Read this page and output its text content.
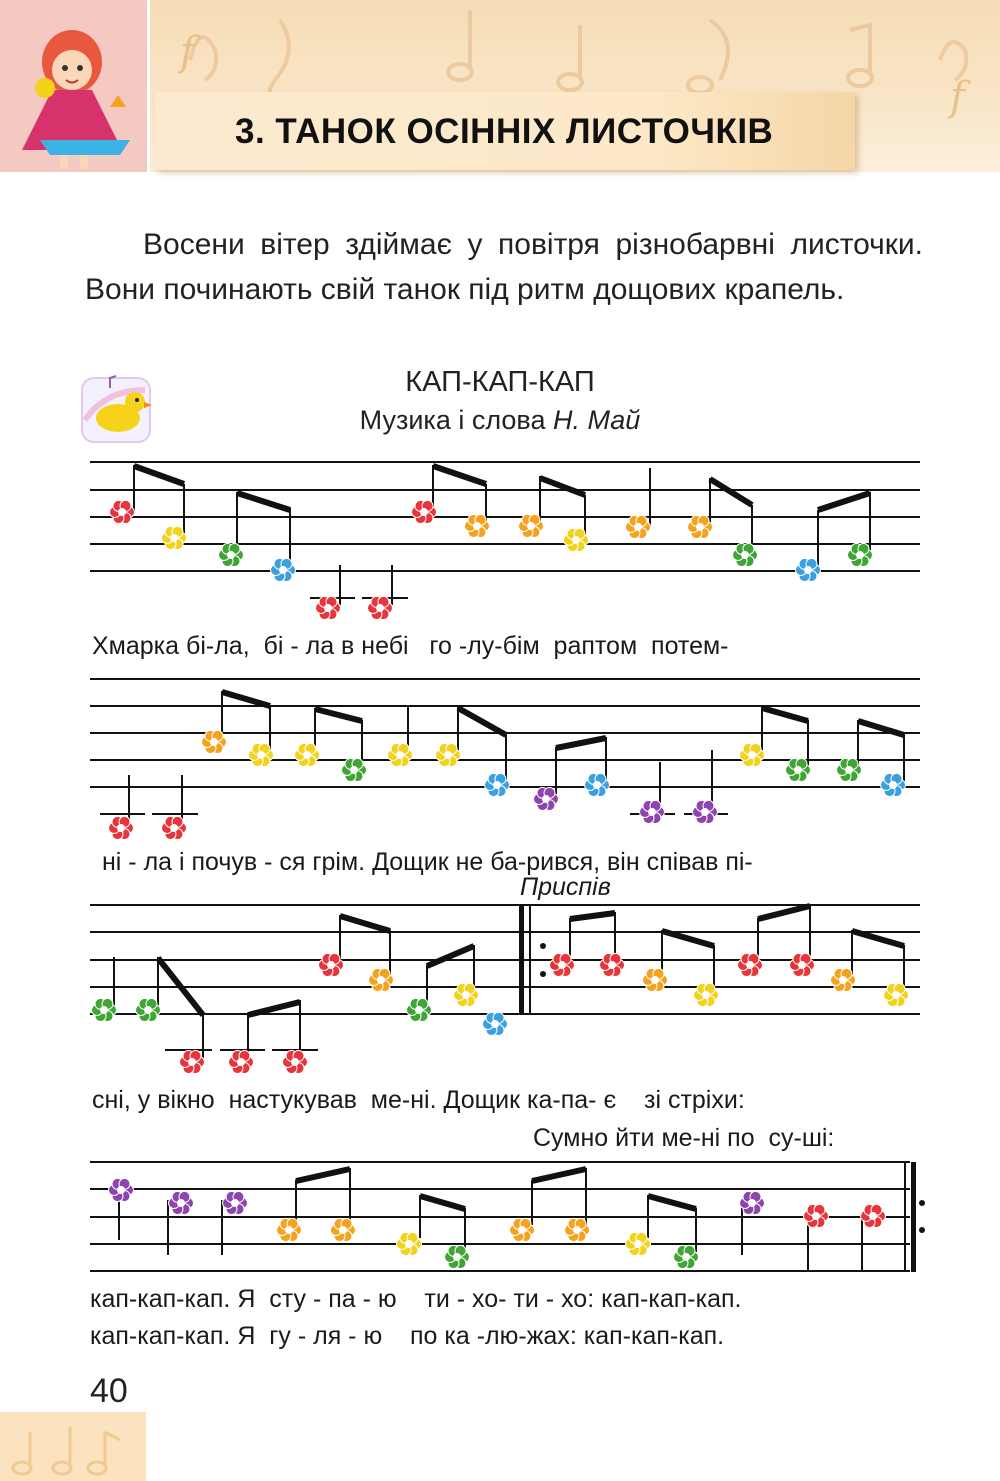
f
f
3. ТАНОК ОСІННІХ ЛИСТОЧКІВ

Восени вітер здіймає у повітря різнобарвні листочки. Вони починають свій танок під ритм дощових крапель.

КАП-КАП-КАП
Музика і слова Н. Май
Хмарка бі-ла,  бі - ла в небі   го -лу-бім  раптом  потем-
ні - ла і почув - ся грім. Дощик не ба-рився, він співав пі-
Приспів
сні, у вікно  настукував  ме-ні. Дощик ка-па- є    зі стріхи:
Сумно йти ме-ні по  су-ші:
кап-кап-кап. Я  сту - па - ю    ти - хо- ти - хо: кап-кап-кап.
кап-кап-кап. Я  гу - ля - ю    по ка -лю-жах: кап-кап-кап.
40
